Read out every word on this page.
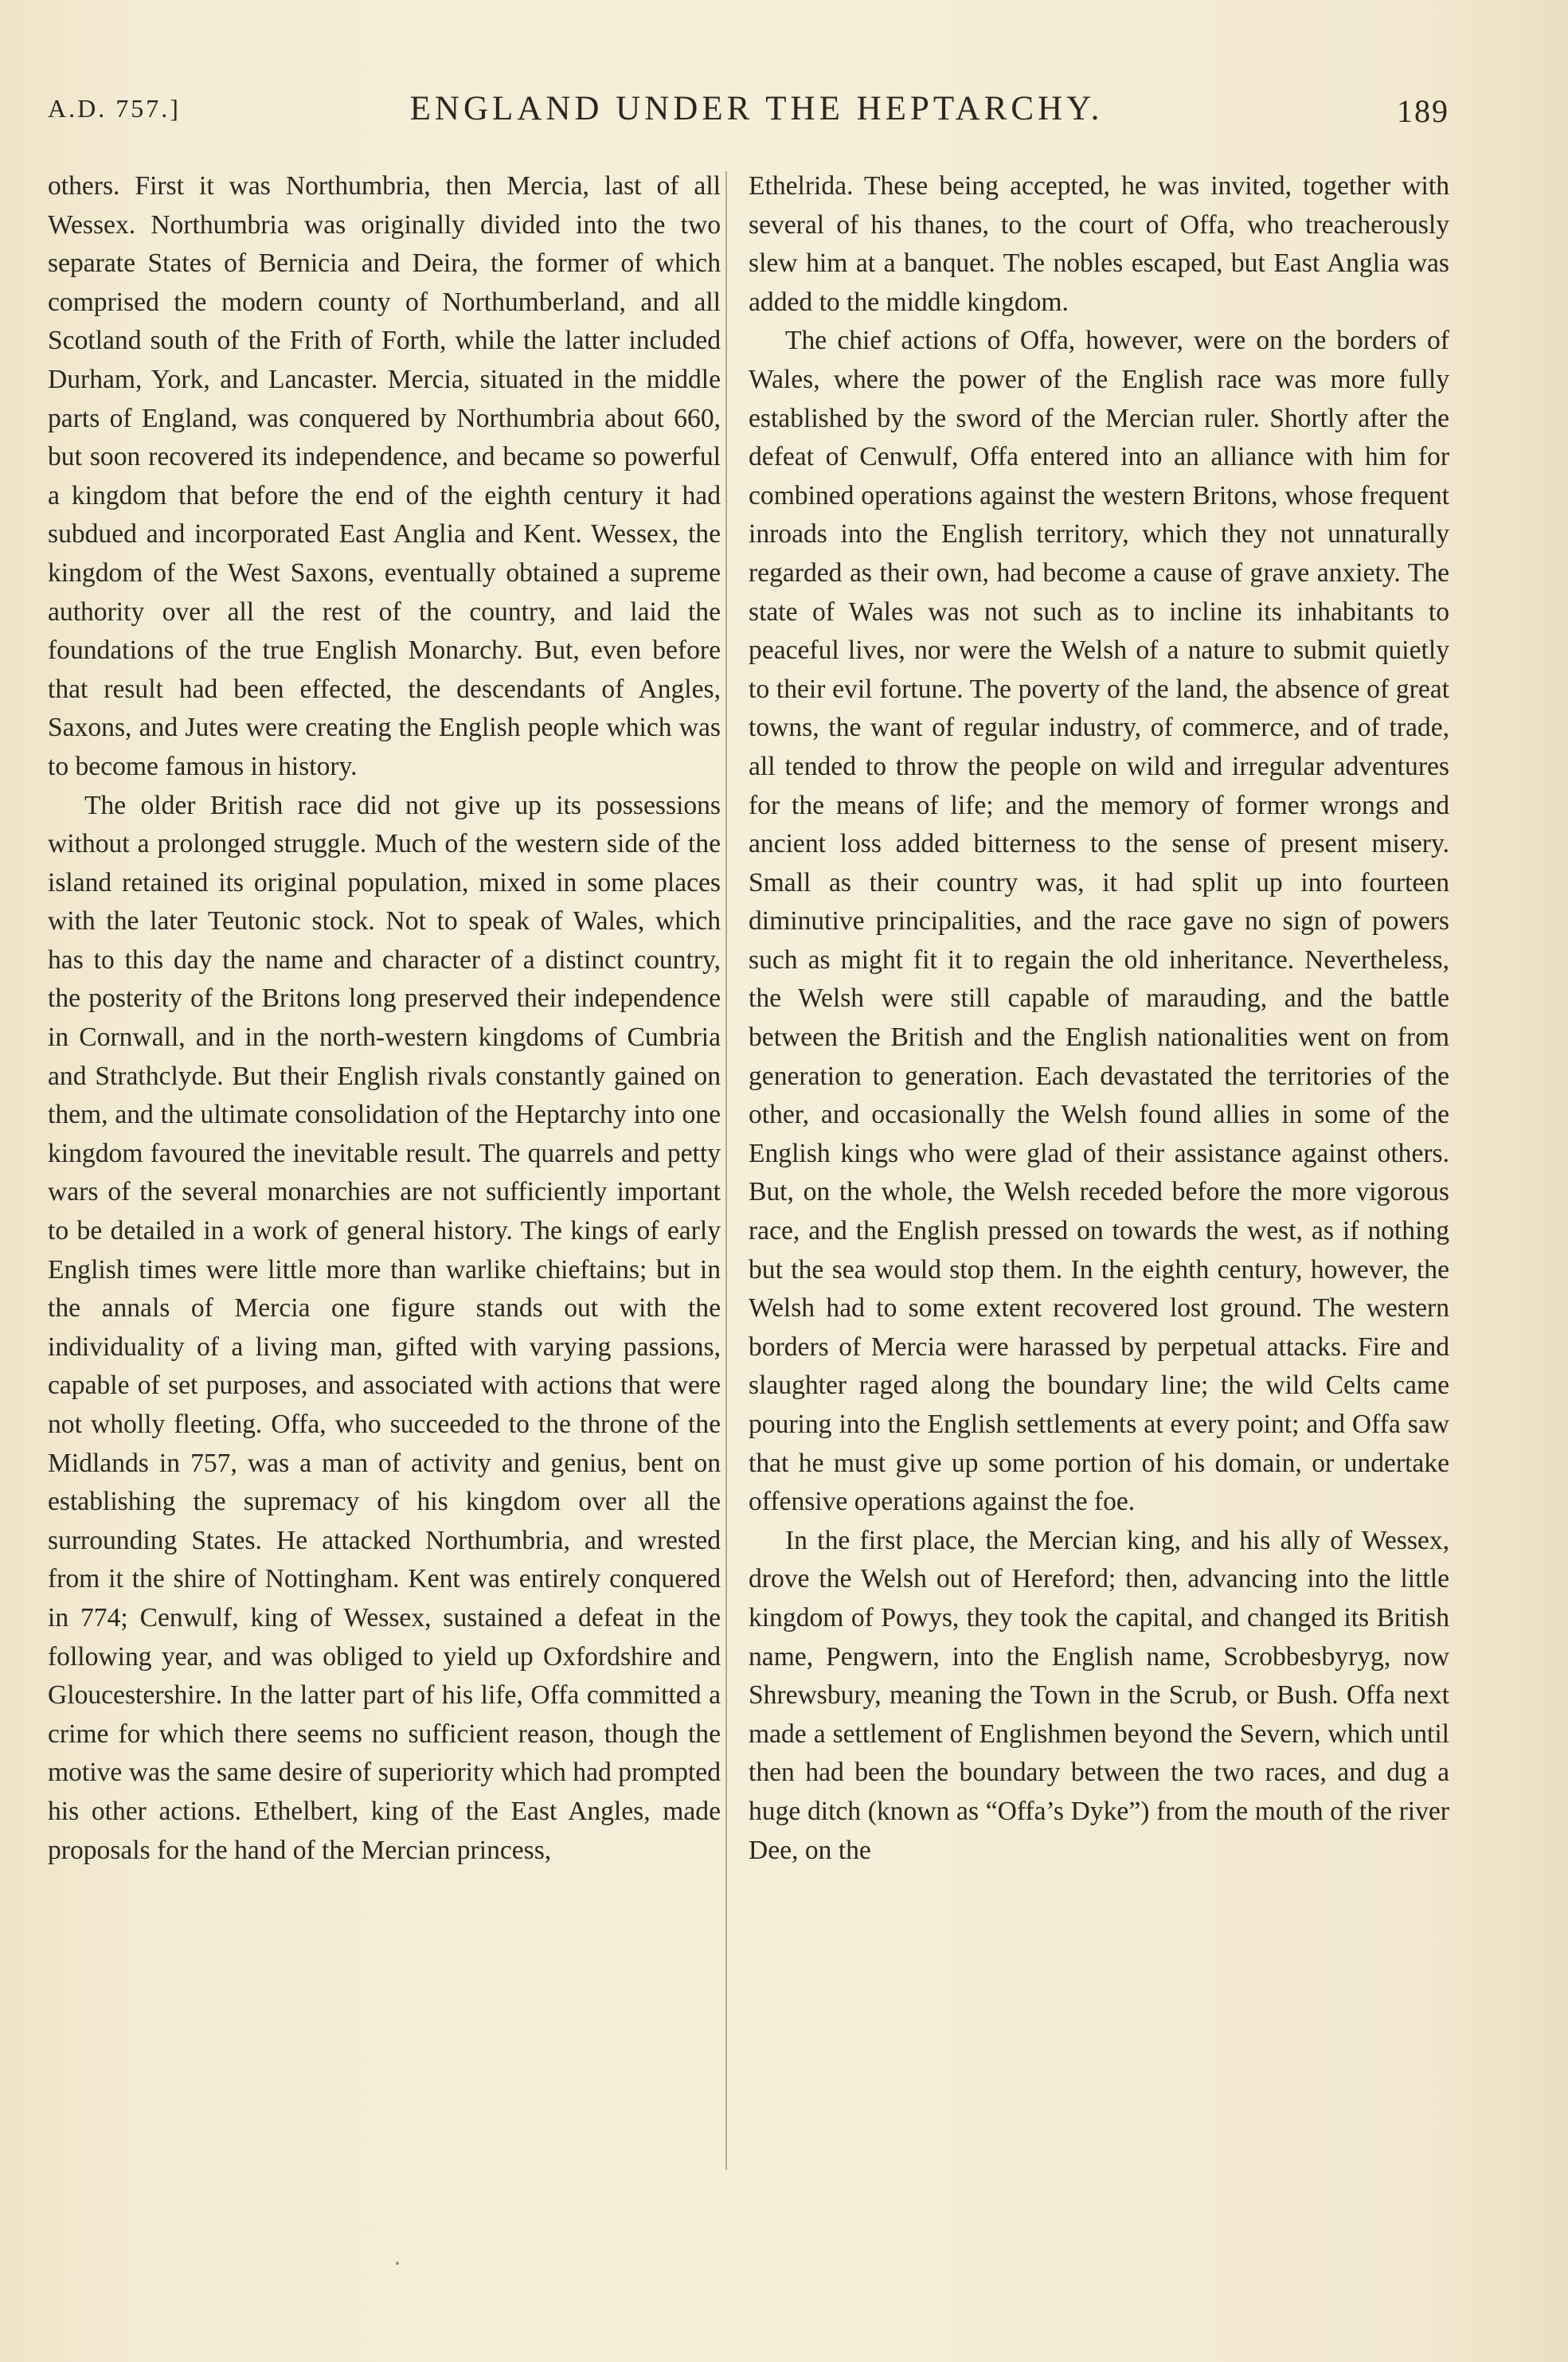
A.D. 757.]	ENGLAND UNDER THE HEPTARCHY.	189

others. First it was Northumbria, then Mercia, last of all Wessex. Northumbria was originally divided into the two separate States of Bernicia and Deira, the former of which comprised the modern county of Northumberland, and all Scotland south of the Frith of Forth, while the latter included Durham, York, and Lancaster. Mercia, situated in the middle parts of England, was conquered by Northumbria about 660, but soon recovered its independence, and became so powerful a kingdom that before the end of the eighth century it had subdued and incorporated East Anglia and Kent. Wessex, the kingdom of the West Saxons, eventually obtained a supreme authority over all the rest of the country, and laid the foundations of the true English Monarchy. But, even before that result had been effected, the descendants of Angles, Saxons, and Jutes were creating the English people which was to become famous in history.

The older British race did not give up its possessions without a prolonged struggle. Much of the western side of the island retained its original population, mixed in some places with the later Teutonic stock. Not to speak of Wales, which has to this day the name and character of a distinct country, the posterity of the Britons long preserved their independence in Cornwall, and in the north-western kingdoms of Cumbria and Strathclyde. But their English rivals constantly gained on them, and the ultimate consolidation of the Heptarchy into one kingdom favoured the inevitable result. The quarrels and petty wars of the several monarchies are not sufficiently important to be detailed in a work of general history. The kings of early English times were little more than warlike chieftains; but in the annals of Mercia one figure stands out with the individuality of a living man, gifted with varying passions, capable of set purposes, and associated with actions that were not wholly fleeting. Offa, who succeeded to the throne of the Midlands in 757, was a man of activity and genius, bent on establishing the supremacy of his kingdom over all the surrounding States. He attacked Northumbria, and wrested from it the shire of Nottingham. Kent was entirely conquered in 774; Cenwulf, king of Wessex, sustained a defeat in the following year, and was obliged to yield up Oxfordshire and Gloucestershire. In the latter part of his life, Offa committed a crime for which there seems no sufficient reason, though the motive was the same desire of superiority which had prompted his other actions. Ethelbert, king of the East Angles, made proposals for the hand of the Mercian princess,

Ethelrida. These being accepted, he was invited, together with several of his thanes, to the court of Offa, who treacherously slew him at a banquet. The nobles escaped, but East Anglia was added to the middle kingdom.

The chief actions of Offa, however, were on the borders of Wales, where the power of the English race was more fully established by the sword of the Mercian ruler. Shortly after the defeat of Cenwulf, Offa entered into an alliance with him for combined operations against the western Britons, whose frequent inroads into the English territory, which they not unnaturally regarded as their own, had become a cause of grave anxiety. The state of Wales was not such as to incline its inhabitants to peaceful lives, nor were the Welsh of a nature to submit quietly to their evil fortune. The poverty of the land, the absence of great towns, the want of regular industry, of commerce, and of trade, all tended to throw the people on wild and irregular adventures for the means of life; and the memory of former wrongs and ancient loss added bitterness to the sense of present misery. Small as their country was, it had split up into fourteen diminutive principalities, and the race gave no sign of powers such as might fit it to regain the old inheritance. Nevertheless, the Welsh were still capable of marauding, and the battle between the British and the English nationalities went on from generation to generation. Each devastated the territories of the other, and occasionally the Welsh found allies in some of the English kings who were glad of their assistance against others. But, on the whole, the Welsh receded before the more vigorous race, and the English pressed on towards the west, as if nothing but the sea would stop them. In the eighth century, however, the Welsh had to some extent recovered lost ground. The western borders of Mercia were harassed by perpetual attacks. Fire and slaughter raged along the boundary line; the wild Celts came pouring into the English settlements at every point; and Offa saw that he must give up some portion of his domain, or undertake offensive operations against the foe.

In the first place, the Mercian king, and his ally of Wessex, drove the Welsh out of Hereford; then, advancing into the little kingdom of Powys, they took the capital, and changed its British name, Pengwern, into the English name, Scrobbesbyryg, now Shrewsbury, meaning the Town in the Scrub, or Bush. Offa next made a settlement of Englishmen beyond the Severn, which until then had been the boundary between the two races, and dug a huge ditch (known as “Offa’s Dyke”) from the mouth of the river Dee, on the
